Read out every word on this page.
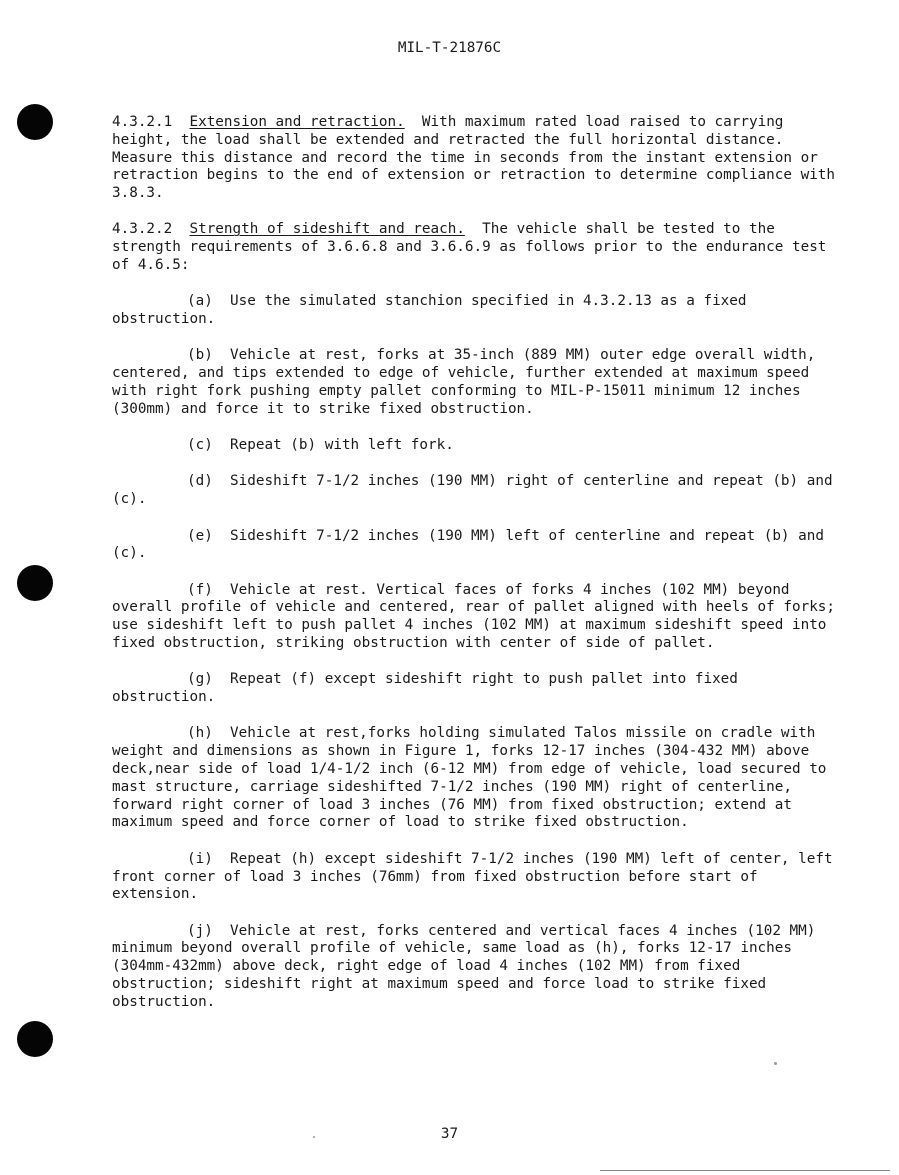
MIL-T-21876C

4.3.2.1 Extension and retraction. With maximum rated load raised to carrying height, the load shall be extended and retracted the full horizontal distance. Measure this distance and record the time in seconds from the instant extension or retraction begins to the end of extension or retraction to determine compliance with 3.8.3.

4.3.2.2 Strength of sideshift and reach. The vehicle shall be tested to the strength requirements of 3.6.6.8 and 3.6.6.9 as follows prior to the endurance test of 4.6.5:

(a) Use the simulated stanchion specified in 4.3.2.13 as a fixed obstruction.

(b) Vehicle at rest, forks at 35-inch (889 MM) outer edge overall width, centered, and tips extended to edge of vehicle, further extended at maximum speed with right fork pushing empty pallet conforming to MIL-P-15011 minimum 12 inches (300mm) and force it to strike fixed obstruction.

(c) Repeat (b) with left fork.

(d) Sideshift 7-1/2 inches (190 MM) right of centerline and repeat (b) and (c).

(e) Sideshift 7-1/2 inches (190 MM) left of centerline and repeat (b) and (c).

(f) Vehicle at rest. Vertical faces of forks 4 inches (102 MM) beyond overall profile of vehicle and centered, rear of pallet aligned with heels of forks; use sideshift left to push pallet 4 inches (102 MM) at maximum sideshift speed into fixed obstruction, striking obstruction with center of side of pallet.

(g) Repeat (f) except sideshift right to push pallet into fixed obstruction.

(h) Vehicle at rest,forks holding simulated Talos missile on cradle with weight and dimensions as shown in Figure 1, forks 12-17 inches (304-432 MM) above deck,near side of load 1/4-1/2 inch (6-12 MM) from edge of vehicle, load secured to mast structure, carriage sideshifted 7-1/2 inches (190 MM) right of centerline, forward right corner of load 3 inches (76 MM) from fixed obstruction; extend at maximum speed and force corner of load to strike fixed obstruction.

(i) Repeat (h) except sideshift 7-1/2 inches (190 MM) left of center, left front corner of load 3 inches (76mm) from fixed obstruction before start of extension.

(j) Vehicle at rest, forks centered and vertical faces 4 inches (102 MM) minimum beyond overall profile of vehicle, same load as (h), forks 12-17 inches (304mm-432mm) above deck, right edge of load 4 inches (102 MM) from fixed obstruction; sideshift right at maximum speed and force load to strike fixed obstruction.

37
